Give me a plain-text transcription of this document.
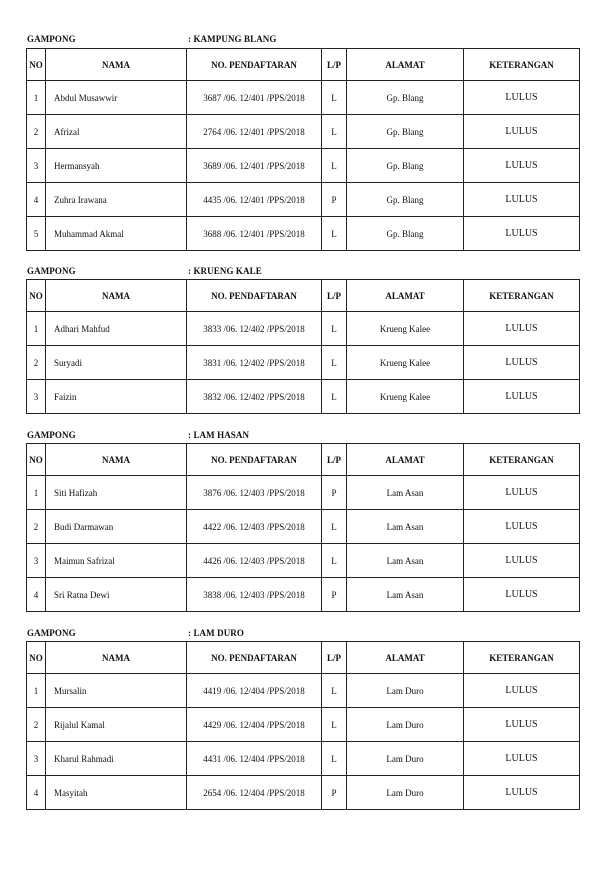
GAMPONG	: KAMPUNG BLANG
NO	NAMA	NO. PENDAFTARAN	L/P	ALAMAT	KETERANGAN
1	Abdul Musawwir	3687 /06. 12/401 /PPS/2018	L	Gp. Blang	LULUS
2	Afrizal	2764 /06. 12/401 /PPS/2018	L	Gp. Blang	LULUS
3	Hermansyah	3689 /06. 12/401 /PPS/2018	L	Gp. Blang	LULUS
4	Zuhra Irawana	4435 /06. 12/401 /PPS/2018	P	Gp. Blang	LULUS
5	Muhammad Akmal	3688 /06. 12/401 /PPS/2018	L	Gp. Blang	LULUS
GAMPONG	: KRUENG KALE
NO	NAMA	NO. PENDAFTARAN	L/P	ALAMAT	KETERANGAN
1	Adhari Mahfud	3833 /06. 12/402 /PPS/2018	L	Krueng Kalee	LULUS
2	Suryadi	3831 /06. 12/402 /PPS/2018	L	Krueng Kalee	LULUS
3	Faizin	3832 /06. 12/402 /PPS/2018	L	Krueng Kalee	LULUS
GAMPONG	: LAM HASAN
NO	NAMA	NO. PENDAFTARAN	L/P	ALAMAT	KETERANGAN
1	Siti Hafizah	3876 /06. 12/403 /PPS/2018	P	Lam Asan	LULUS
2	Budi Darmawan	4422 /06. 12/403 /PPS/2018	L	Lam Asan	LULUS
3	Maimun Safrizal	4426 /06. 12/403 /PPS/2018	L	Lam Asan	LULUS
4	Sri Ratna Dewi	3838 /06. 12/403 /PPS/2018	P	Lam Asan	LULUS
GAMPONG	: LAM DURO
NO	NAMA	NO. PENDAFTARAN	L/P	ALAMAT	KETERANGAN
1	Mursalin	4419 /06. 12/404 /PPS/2018	L	Lam Duro	LULUS
2	Rijalul Kamal	4429 /06. 12/404 /PPS/2018	L	Lam Duro	LULUS
3	Kharul Rahmadi	4431 /06. 12/404 /PPS/2018	L	Lam Duro	LULUS
4	Masyitah	2654 /06. 12/404 /PPS/2018	P	Lam Duro	LULUS
